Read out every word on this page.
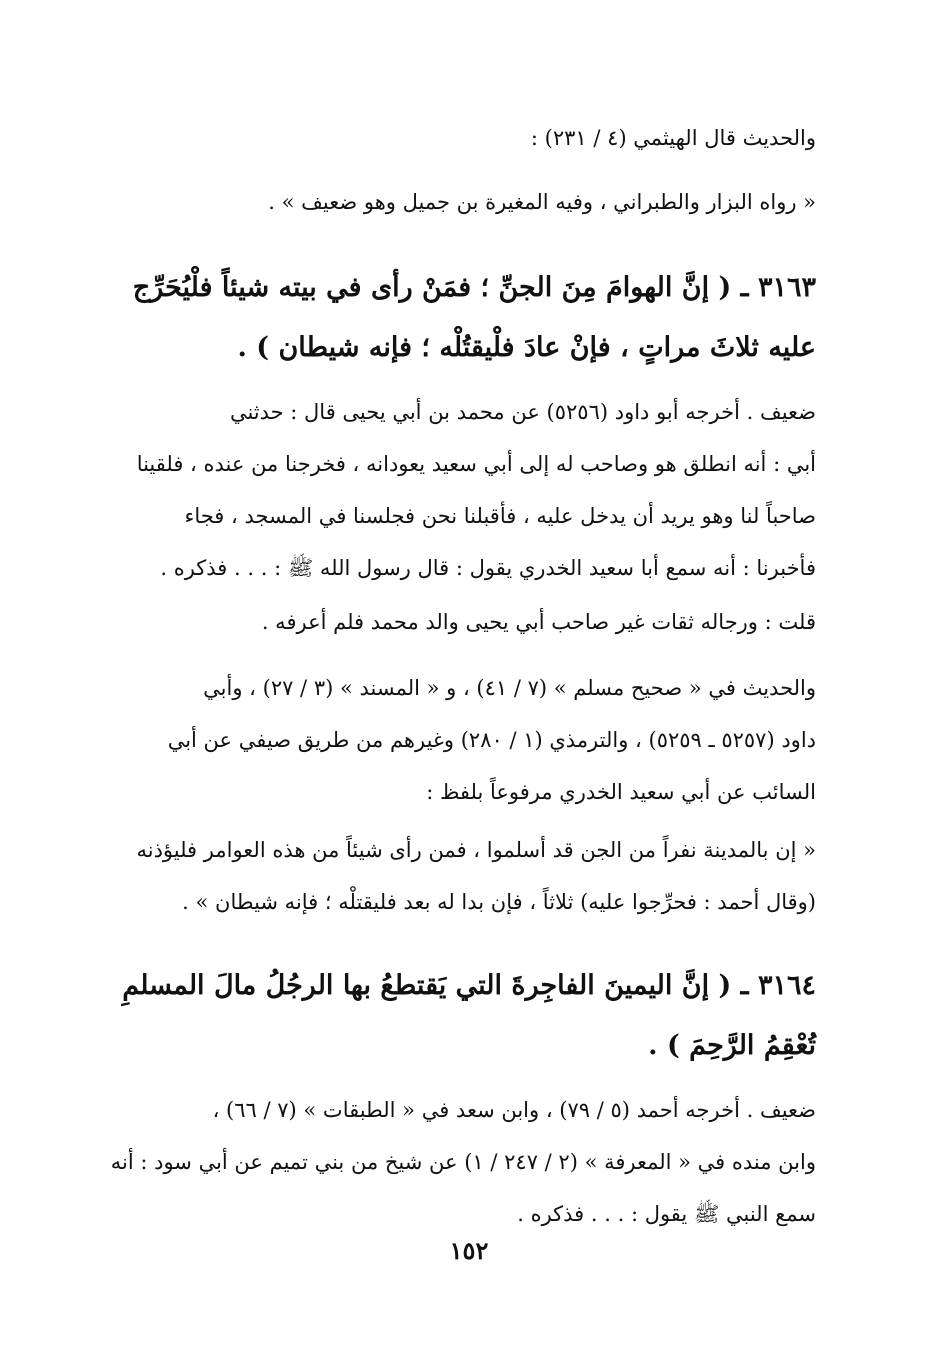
والحديث قال الهيثمي (٤ / ٢٣١) :

« رواه البزار والطبراني ، وفيه المغيرة بن جميل وهو ضعيف » .

٣١٦٣ ـ ( إنَّ الهوامَ مِنَ الجنِّ ؛ فمَنْ رأى في بيته شيئاً فلْيُحَرِّج
عليه ثلاثَ مراتٍ ، فإنْ عادَ فلْيقتُلْه ؛ فإنه شيطان ) .
ضعيف . أخرجه أبو داود (٥٢٥٦) عن محمد بن أبي يحيى قال : حدثني
أبي : أنه انطلق هو وصاحب له إلى أبي سعيد يعودانه ، فخرجنا من عنده ، فلقينا
صاحباً لنا وهو يريد أن يدخل عليه ، فأقبلنا نحن فجلسنا في المسجد ، فجاء
فأخبرنا : أنه سمع أبا سعيد الخدري يقول : قال رسول الله ﷺ : . . . فذكره .

قلت : ورجاله ثقات غير صاحب أبي يحيى والد محمد فلم أعرفه .

والحديث في « صحيح مسلم » (٧ / ٤١) ، و « المسند » (٣ / ٢٧) ، وأبي
داود (٥٢٥٧ ـ ٥٢٥٩) ، والترمذي (١ / ٢٨٠) وغيرهم من طريق صيفي عن أبي
السائب عن أبي سعيد الخدري مرفوعاً بلفظ :
« إن بالمدينة نفراً من الجن قد أسلموا ، فمن رأى شيئاً من هذه العوامر فليؤذنه
(وقال أحمد : فحرِّجوا عليه) ثلاثاً ، فإن بدا له بعد فليقتلْه ؛ فإنه شيطان » .
٣١٦٤ ـ ( إنَّ اليمينَ الفاجِرةَ التي يَقتطعُ بها الرجُلُ مالَ المسلمِ
تُعْقِمُ الرَّحِمَ ) .
ضعيف . أخرجه أحمد (٥ / ٧٩) ، وابن سعد في « الطبقات » (٧ / ٦٦) ،
وابن منده في « المعرفة » (٢ / ٢٤٧ / ١) عن شيخ من بني تميم عن أبي سود : أنه
سمع النبي ﷺ يقول : . . . فذكره .
١٥٢
